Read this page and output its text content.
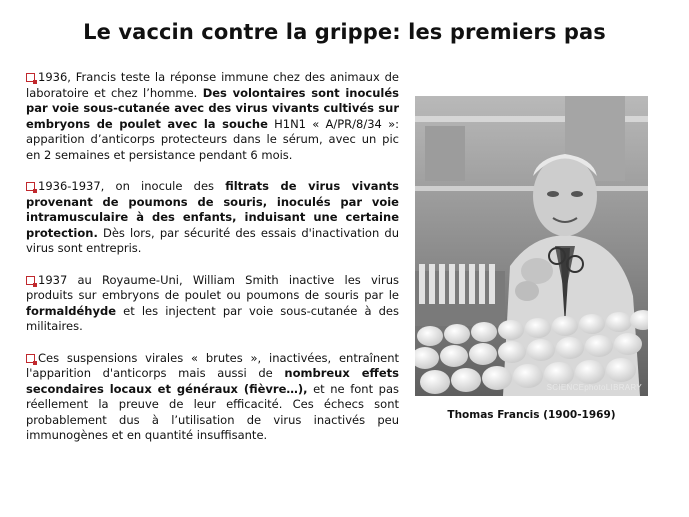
Le vaccin contre la grippe: les premiers pas

1936, Francis teste la réponse immune chez des animaux de laboratoire et chez l’homme. Des volontaires sont inoculés par voie sous-cutanée avec des virus vivants cultivés sur embryons de poulet avec la souche H1N1 « A/PR/8/34 »: apparition d’anticorps protecteurs dans le sérum, avec un pic en 2 semaines et persistance pendant 6 mois.

1936-1937, on inocule des filtrats de virus vivants provenant de poumons de souris, inoculés par voie intramusculaire à des enfants, induisant une certaine protection. Dès lors, par sécurité des essais d'inactivation du virus sont entrepris.

1937 au Royaume-Uni, William Smith inactive les virus produits sur embryons de poulet ou poumons de souris par le formaldéhyde et les injectent par voie sous-cutanée à des militaires.

Ces suspensions virales « brutes », inactivées, entraînent l'apparition d'anticorps mais aussi de nombreux effets secondaires locaux et généraux (fièvre…), et ne font pas réellement la preuve de leur efficacité. Ces échecs sont probablement dus à l’utilisation de virus inactivés peu immunogènes et en quantité insuffisante.

SCIENCEphotoLIBRARY
Thomas Francis (1900-1969)
